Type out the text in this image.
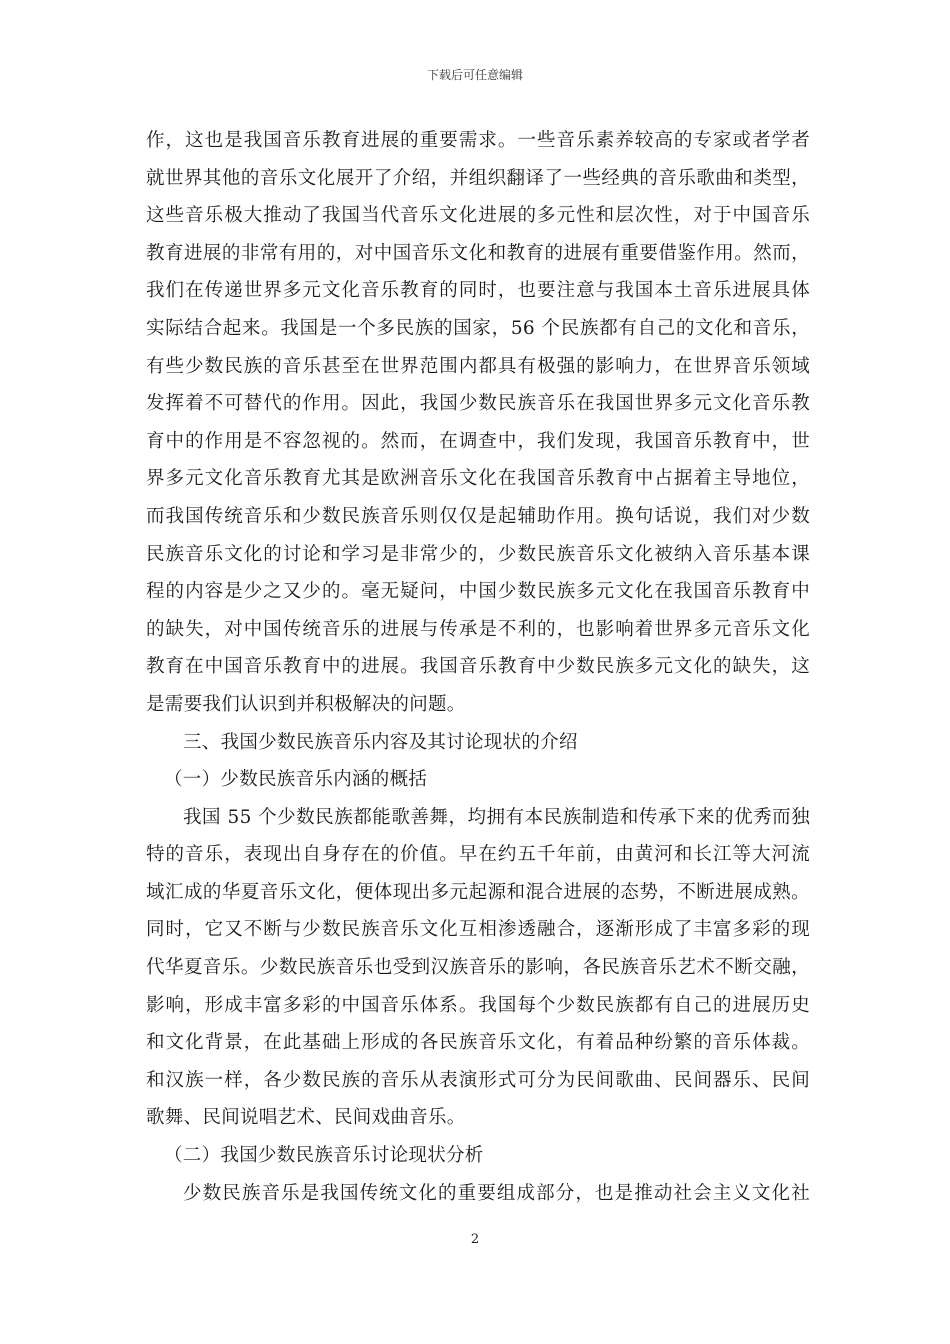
下载后可任意编辑
作，这也是我国音乐教育进展的重要需求。一些音乐素养较高的专家或者学者
就世界其他的音乐文化展开了介绍，并组织翻译了一些经典的音乐歌曲和类型，
这些音乐极大推动了我国当代音乐文化进展的多元性和层次性，对于中国音乐
教育进展的非常有用的，对中国音乐文化和教育的进展有重要借鉴作用。然而，
我们在传递世界多元文化音乐教育的同时，也要注意与我国本土音乐进展具体
实际结合起来。我国是一个多民族的国家，56 个民族都有自己的文化和音乐，
有些少数民族的音乐甚至在世界范围内都具有极强的影响力，在世界音乐领域
发挥着不可替代的作用。因此，我国少数民族音乐在我国世界多元文化音乐教
育中的作用是不容忽视的。然而，在调查中，我们发现，我国音乐教育中，世
界多元文化音乐教育尤其是欧洲音乐文化在我国音乐教育中占据着主导地位，
而我国传统音乐和少数民族音乐则仅仅是起辅助作用。换句话说，我们对少数
民族音乐文化的讨论和学习是非常少的，少数民族音乐文化被纳入音乐基本课
程的内容是少之又少的。毫无疑问，中国少数民族多元文化在我国音乐教育中
的缺失，对中国传统音乐的进展与传承是不利的，也影响着世界多元音乐文化
教育在中国音乐教育中的进展。我国音乐教育中少数民族多元文化的缺失，这
是需要我们认识到并积极解决的问题。
三、我国少数民族音乐内容及其讨论现状的介绍
（一）少数民族音乐内涵的概括
我国 55 个少数民族都能歌善舞，均拥有本民族制造和传承下来的优秀而独
特的音乐，表现出自身存在的价值。早在约五千年前，由黄河和长江等大河流
域汇成的华夏音乐文化，便体现出多元起源和混合进展的态势，不断进展成熟。
同时，它又不断与少数民族音乐文化互相渗透融合，逐渐形成了丰富多彩的现
代华夏音乐。少数民族音乐也受到汉族音乐的影响，各民族音乐艺术不断交融，
影响，形成丰富多彩的中国音乐体系。我国每个少数民族都有自己的进展历史
和文化背景，在此基础上形成的各民族音乐文化，有着品种纷繁的音乐体裁。
和汉族一样，各少数民族的音乐从表演形式可分为民间歌曲、民间器乐、民间
歌舞、民间说唱艺术、民间戏曲音乐。
（二）我国少数民族音乐讨论现状分析
少数民族音乐是我国传统文化的重要组成部分，也是推动社会主义文化社
2
